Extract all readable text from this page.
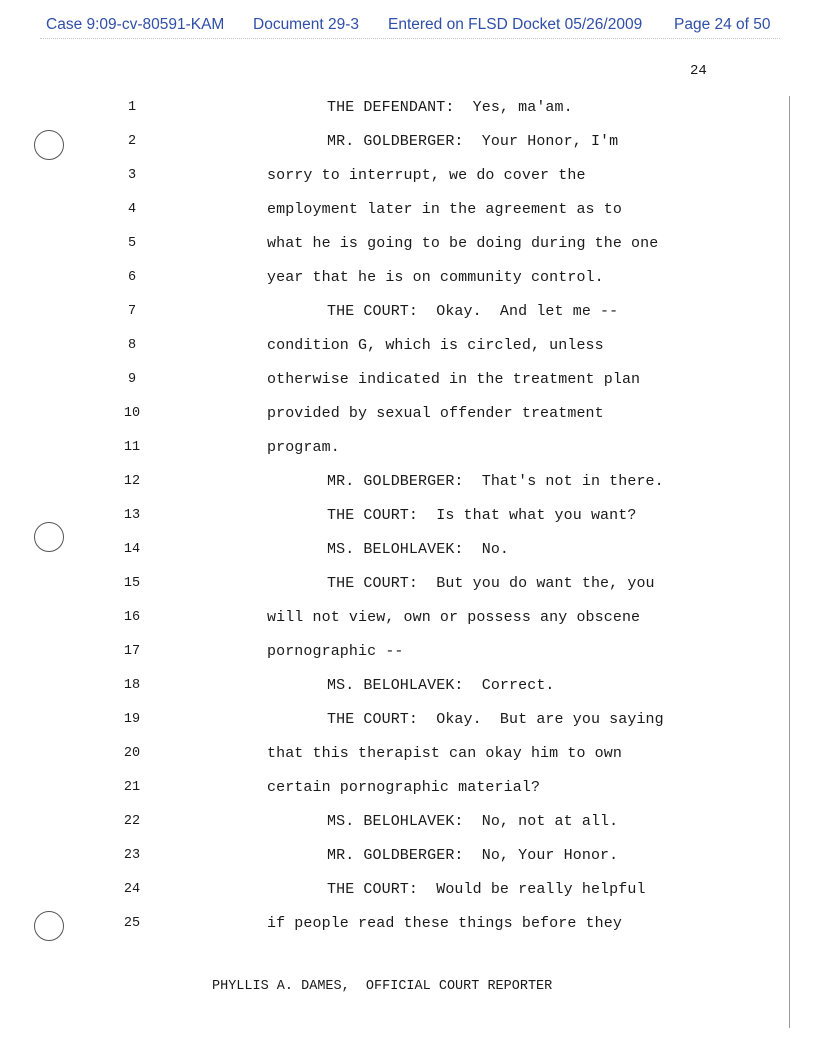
Case 9:09-cv-80591-KAM Document 29-3 Entered on FLSD Docket 05/26/2009 Page 24 of 50
24
1	THE DEFENDANT:  Yes, ma'am.
2	MR. GOLDBERGER:  Your Honor, I'm
3	sorry to interrupt, we do cover the
4	employment later in the agreement as to
5	what he is going to be doing during the one
6	year that he is on community control.
7	THE COURT:  Okay.  And let me --
8	condition G, which is circled, unless
9	otherwise indicated in the treatment plan
10	provided by sexual offender treatment
11	program.
12	MR. GOLDBERGER:  That's not in there.
13	THE COURT:  Is that what you want?
14	MS. BELOHLAVEK:  No.
15	THE COURT:  But you do want the, you
16	will not view, own or possess any obscene
17	pornographic --
18	MS. BELOHLAVEK:  Correct.
19	THE COURT:  Okay.  But are you saying
20	that this therapist can okay him to own
21	certain pornographic material?
22	MS. BELOHLAVEK:  No, not at all.
23	MR. GOLDBERGER:  No, Your Honor.
24	THE COURT:  Would be really helpful
25	if people read these things before they
PHYLLIS A. DAMES,  OFFICIAL COURT REPORTER
